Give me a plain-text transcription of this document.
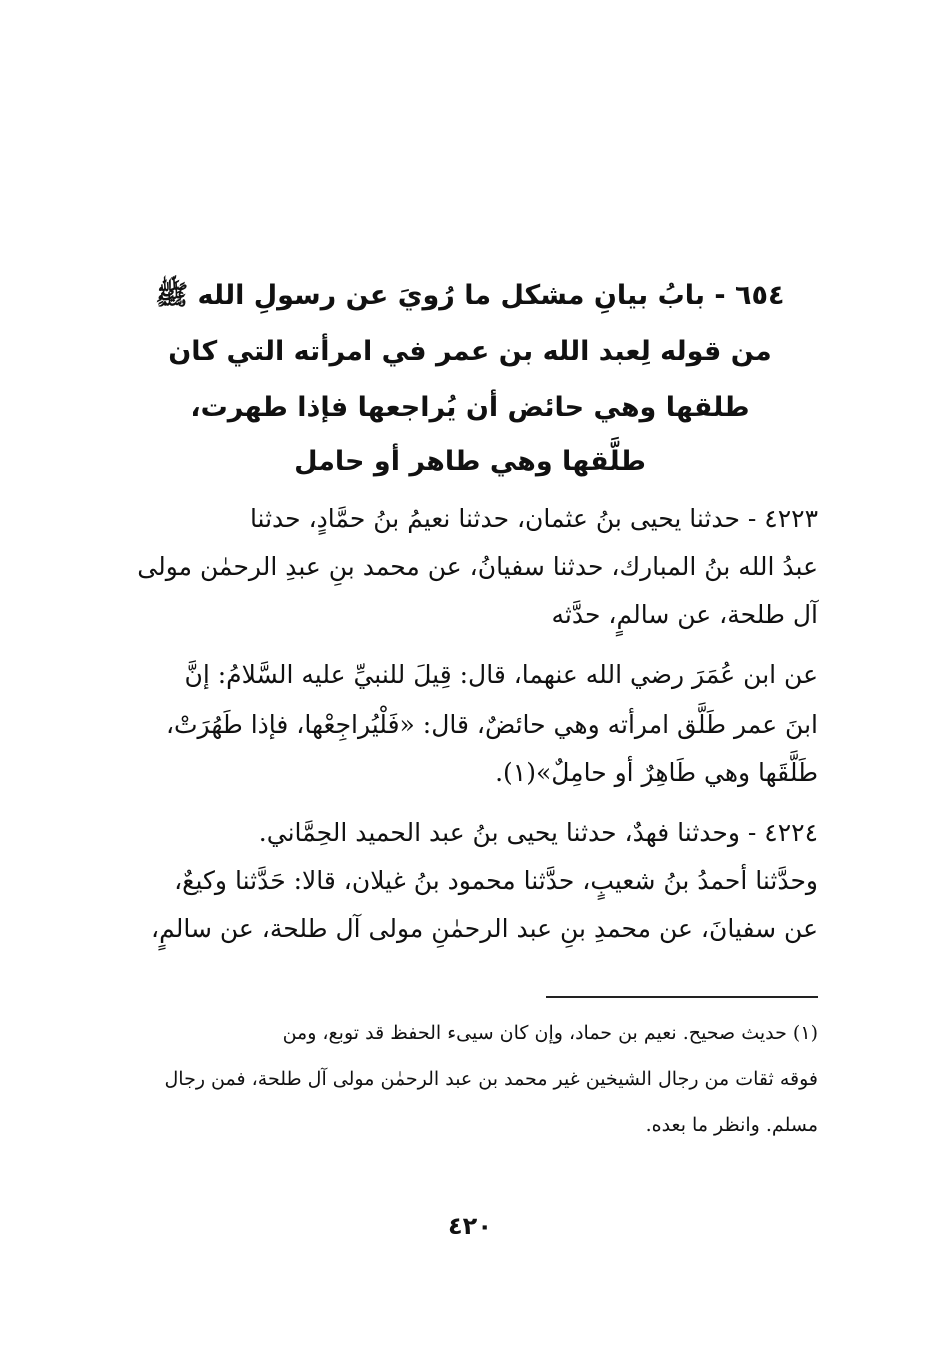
٦٥٤ - بابُ بيانِ مشكل ما رُويَ عن رسولِ الله ﷺ
من قوله لِعبد الله بن عمر في امرأته التي كان
طلقها وهي حائض أن يُراجعها فإذا طهرت،
طلَّقها وهي طاهر أو حامل
٤٢٢٣ - حدثنا يحيى بنُ عثمان، حدثنا نعيمُ بنُ حمَّادٍ، حدثنا
عبدُ الله بنُ المبارك، حدثنا سفيانُ، عن محمد بنِ عبدِ الرحمٰن مولى
آل طلحة، عن سالمٍ، حدَّثه
عن ابن عُمَرَ رضي الله عنهما، قال: قِيلَ للنبيِّ عليه السَّلامُ: إنَّ
ابنَ عمر طَلَّق امرأته وهي حائضٌ، قال: «فَلْيُراجِعْها، فإذا طَهُرَتْ،
طَلَّقَها وهي طَاهِرٌ أو حامِلٌ»(١).
٤٢٢٤ - وحدثنا فهدٌ، حدثنا يحيى بنُ عبد الحميد الحِمَّاني.
وحدَّثنا أحمدُ بنُ شعيبٍ، حدَّثنا محمود بنُ غيلان، قالا: حَدَّثنا وكيعٌ،
عن سفيانَ، عن محمدِ بنِ عبد الرحمٰنِ مولى آل طلحة، عن سالمٍ،
(١) حديث صحيح. نعيم بن حماد، وإن كان سيىء الحفظ قد توبع، ومن
فوقه ثقات من رجال الشيخين غير محمد بن عبد الرحمٰن مولى آل طلحة، فمن رجال
مسلم. وانظر ما بعده.
٤٢٠
